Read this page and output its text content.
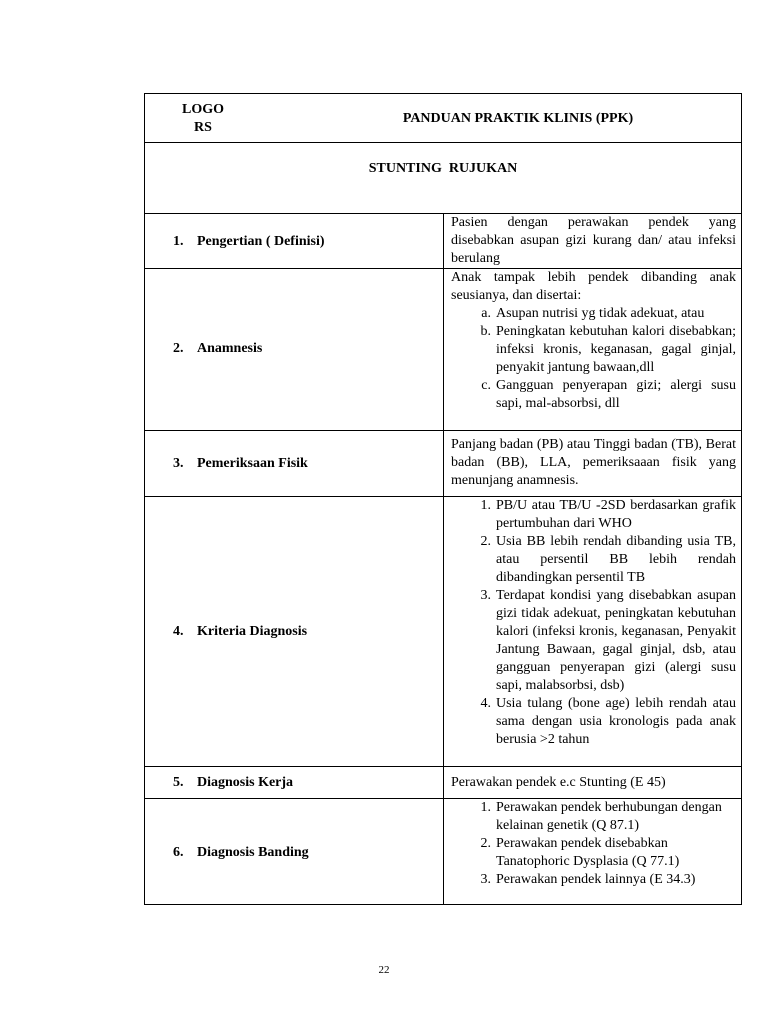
LOGO
RS
PANDUAN PRAKTIK KLINIS (PPK)
STUNTING  RUJUKAN
1. Pengertian ( Definisi)

Pasien dengan perawakan pendek yang disebabkan asupan gizi kurang dan/ atau infeksi berulang

2. Anamnesis

Anak tampak lebih pendek dibanding anak seusianya, dan disertai:

a. Asupan nutrisi yg tidak adekuat, atau
b. Peningkatan kebutuhan kalori disebabkan; infeksi kronis, keganasan, gagal ginjal, penyakit jantung bawaan,dll
c. Gangguan penyerapan gizi; alergi susu sapi, mal-absorbsi, dll
3. Pemeriksaan Fisik

Panjang badan (PB) atau Tinggi badan (TB), Berat badan (BB), LLA, pemeriksaaan fisik yang menunjang anamnesis.

4. Kriteria Diagnosis
1. PB/U atau TB/U -2SD berdasarkan grafik pertumbuhan dari WHO
2. Usia BB lebih rendah dibanding usia TB, atau persentil BB lebih rendah dibandingkan persentil TB
3. Terdapat kondisi yang disebabkan asupan gizi tidak adekuat, peningkatan kebutuhan kalori (infeksi kronis, keganasan, Penyakit Jantung Bawaan, gagal ginjal, dsb, atau gangguan penyerapan gizi (alergi susu sapi, malabsorbsi, dsb)
4. Usia tulang (bone age) lebih rendah atau sama dengan usia kronologis pada anak berusia >2 tahun
5. Diagnosis Kerja	Perawakan pendek e.c Stunting (E 45)

6. Diagnosis Banding
1. Perawakan pendek berhubungan dengan kelainan genetik (Q 87.1)
2. Perawakan pendek disebabkan Tanatophoric Dysplasia (Q 77.1)
3. Perawakan pendek lainnya (E 34.3)
22
